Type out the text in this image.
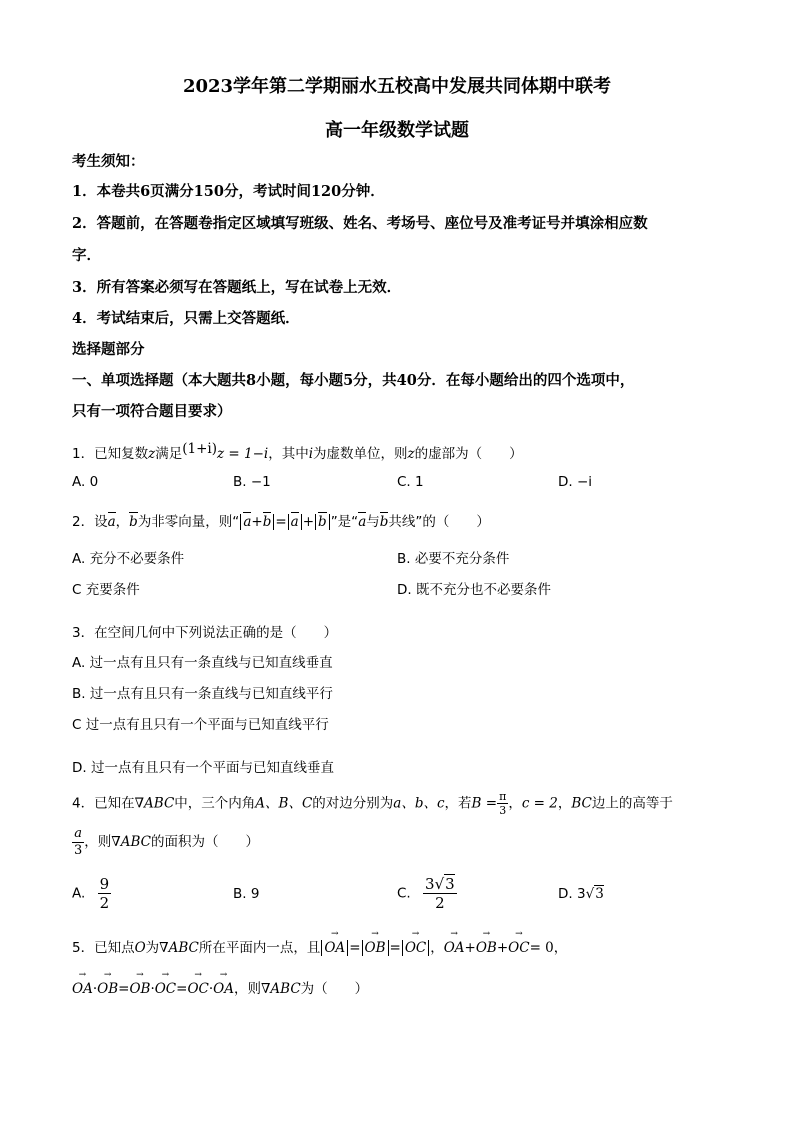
2023学年第二学期丽水五校高中发展共同体期中联考
高一年级数学试题
考生须知：
1．本卷共6页满分150分，考试时间120分钟．
2．答题前，在答题卷指定区域填写班级、姓名、考场号、座位号及准考证号并填涂相应数
字．
3．所有答案必须写在答题纸上，写在试卷上无效．
4．考试结束后，只需上交答题纸．
选择题部分
一、单项选择题（本大题共8小题，每小题5分，共40分．在每小题给出的四个选项中，
只有一项符合题目要求）
1．已知复数z满足(1+i)z = 1−i，其中i为虚数单位，则z的虚部为（　　）
A. 0	B. −1	C. 1	D. −i
2．设a，b为非零向量，则“ a+b = a + b ”是“a与b共线”的（　　）
A. 充分不必要条件	B. 必要不充分条件
C 充要条件	D. 既不充分也不必要条件
3．在空间几何中下列说法正确的是（　　）
A. 过一点有且只有一条直线与已知直线垂直
B. 过一点有且只有一条直线与已知直线平行
C 过一点有且只有一个平面与已知直线平行
D. 过一点有且只有一个平面与已知直线垂直
4．已知在∇ABC中，三个内角A、B、C的对边分别为a、b、c，若$B = \frac{\pi}{3}$ ，c = 2，BC边上的高等于
$\frac{a}{3}$ ，则∇ABC的面积为（　　）
A. $\frac{9}{2}$	B. 9	C. $\frac{3√3}{2}$	D. 3√3
5．已知点O为∇ABC所在平面内一点，且 → OA = → OB = → OC ，→ OA+→ OB+→ OC= 0，
→ OA·→ OB=→ OB·→ OC=→ OC·→ OA，则∇ABC为（　　）
